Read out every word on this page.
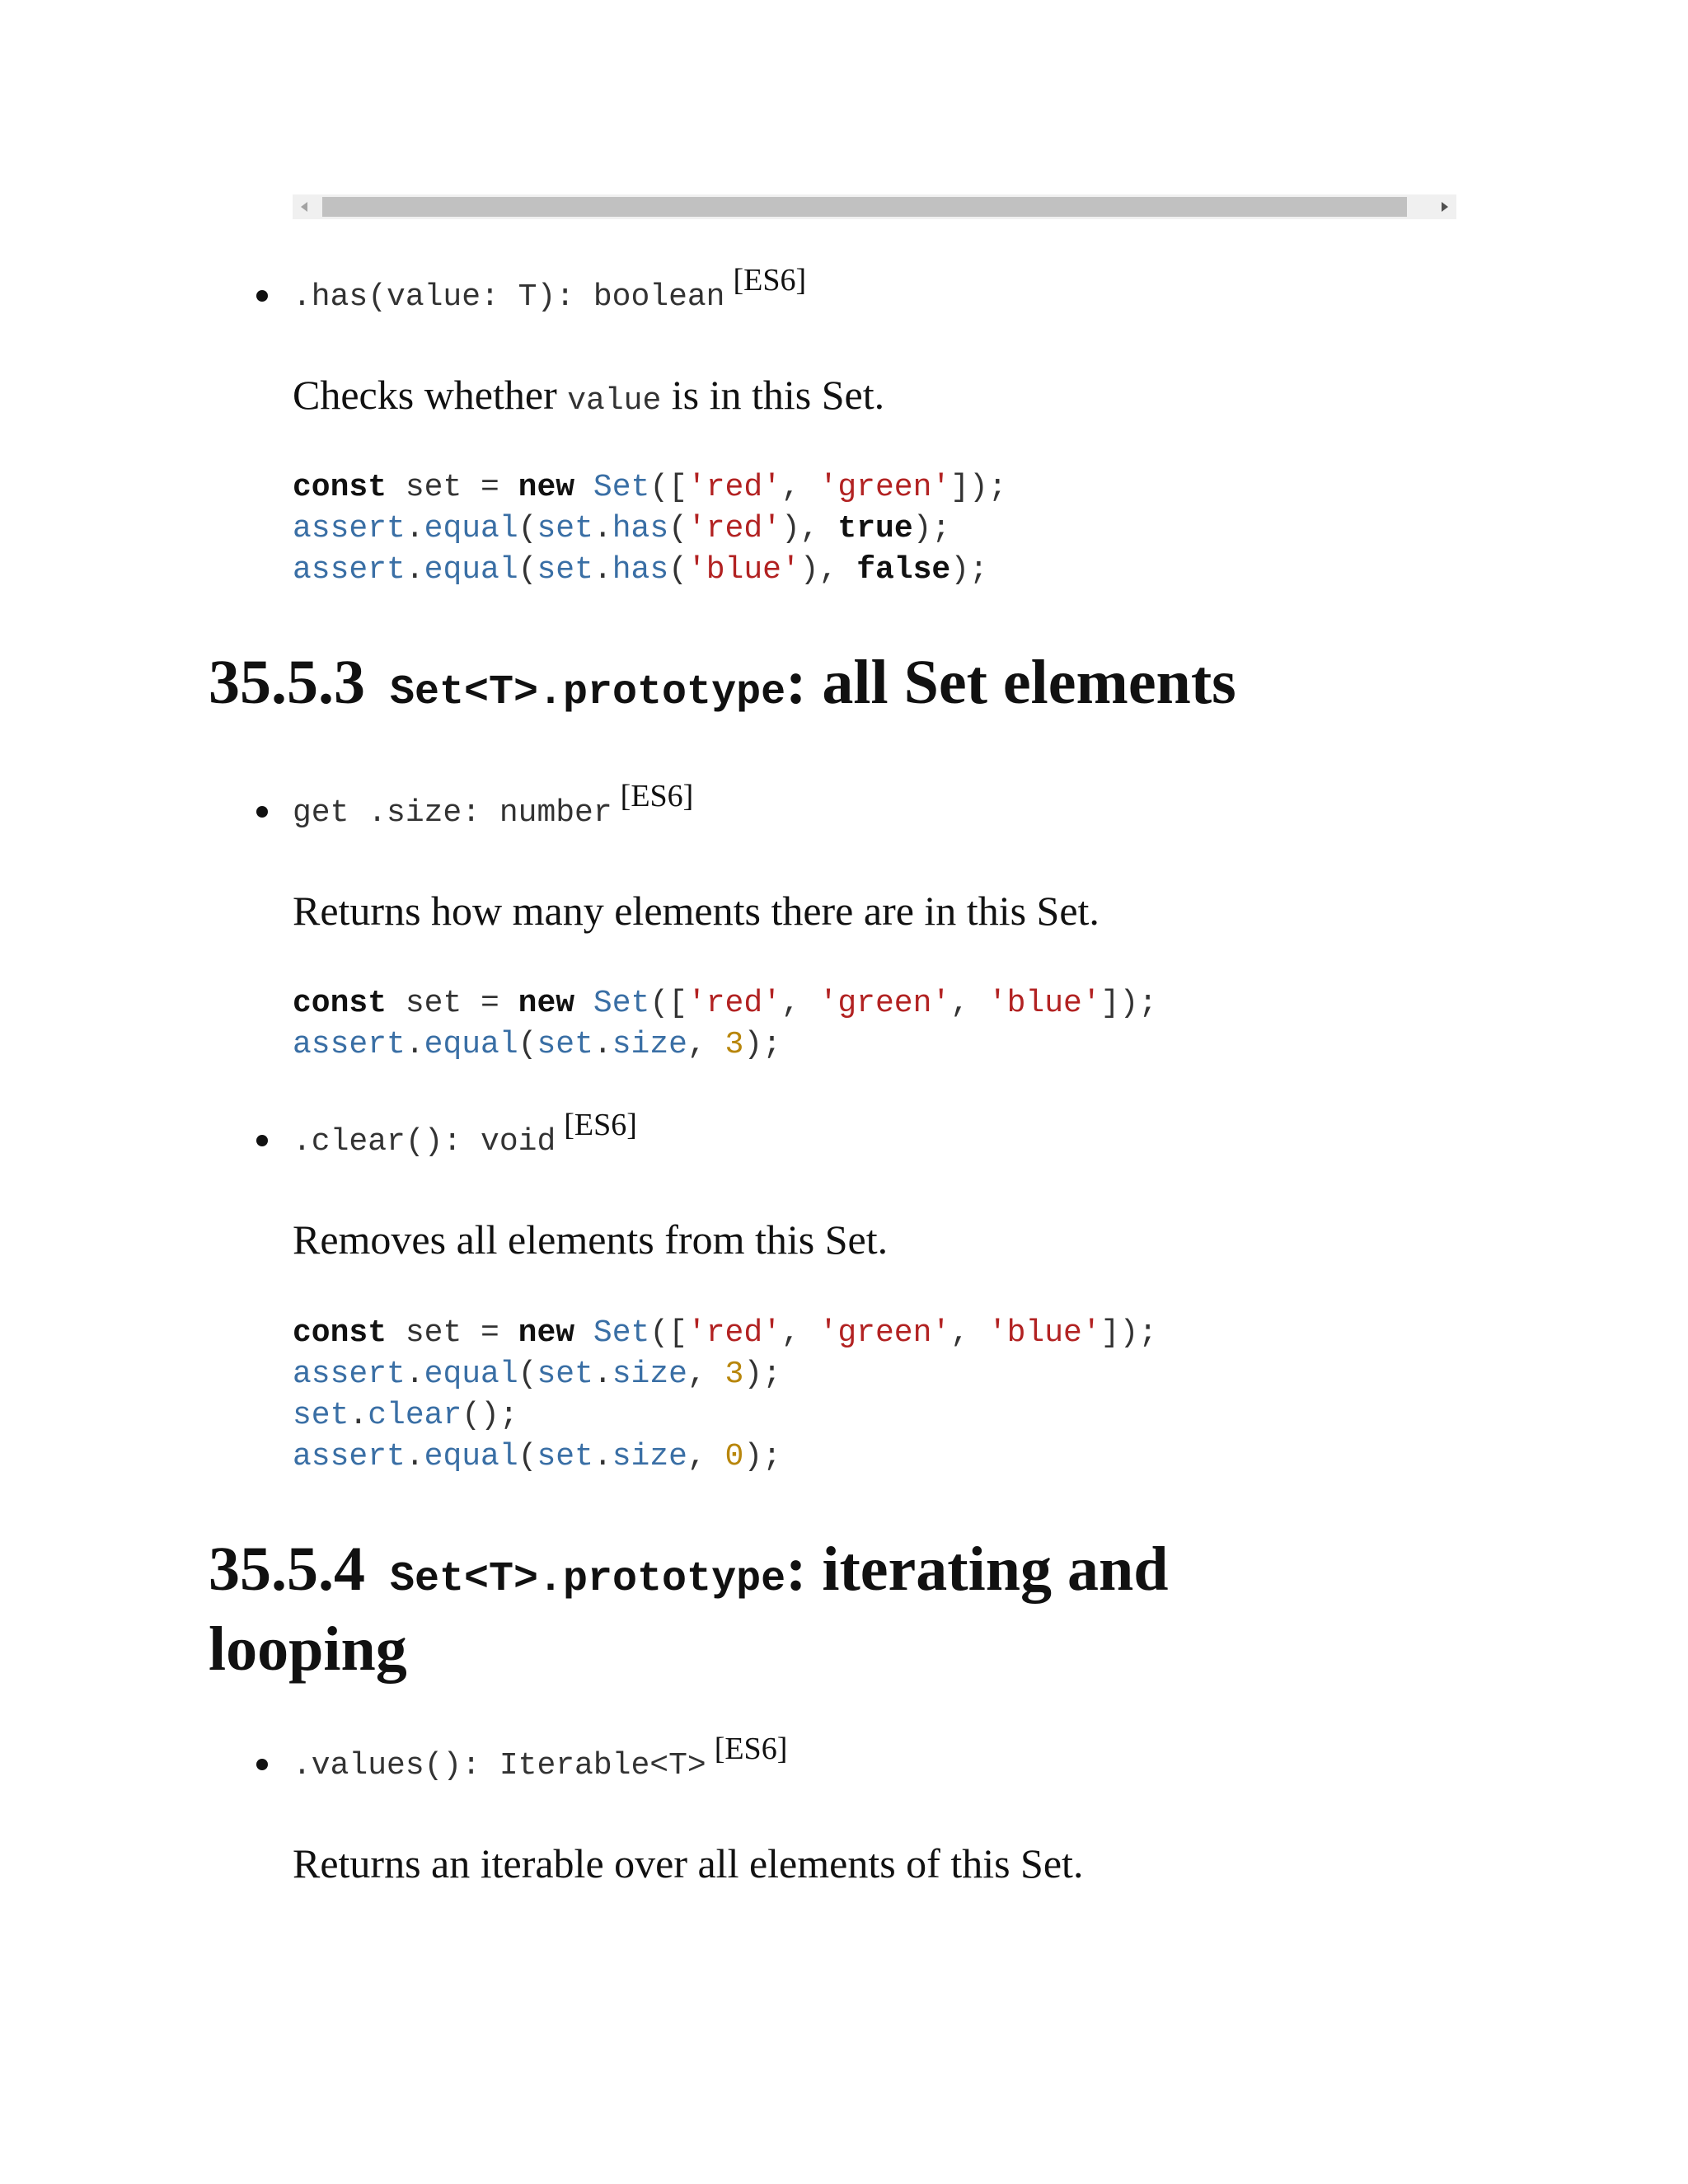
.has(value: T): boolean [ES6]
Checks whether value is in this Set.
const set = new Set(['red', 'green']);
assert.equal(set.has('red'), true);
assert.equal(set.has('blue'), false);
35.5.3 Set<T>.prototype: all Set elements
get .size: number [ES6]
Returns how many elements there are in this Set.
const set = new Set(['red', 'green', 'blue']);
assert.equal(set.size, 3);
.clear(): void [ES6]
Removes all elements from this Set.
const set = new Set(['red', 'green', 'blue']);
assert.equal(set.size, 3);
set.clear();
assert.equal(set.size, 0);
35.5.4 Set<T>.prototype: iterating and
looping
.values(): Iterable<T> [ES6]
Returns an iterable over all elements of this Set.
